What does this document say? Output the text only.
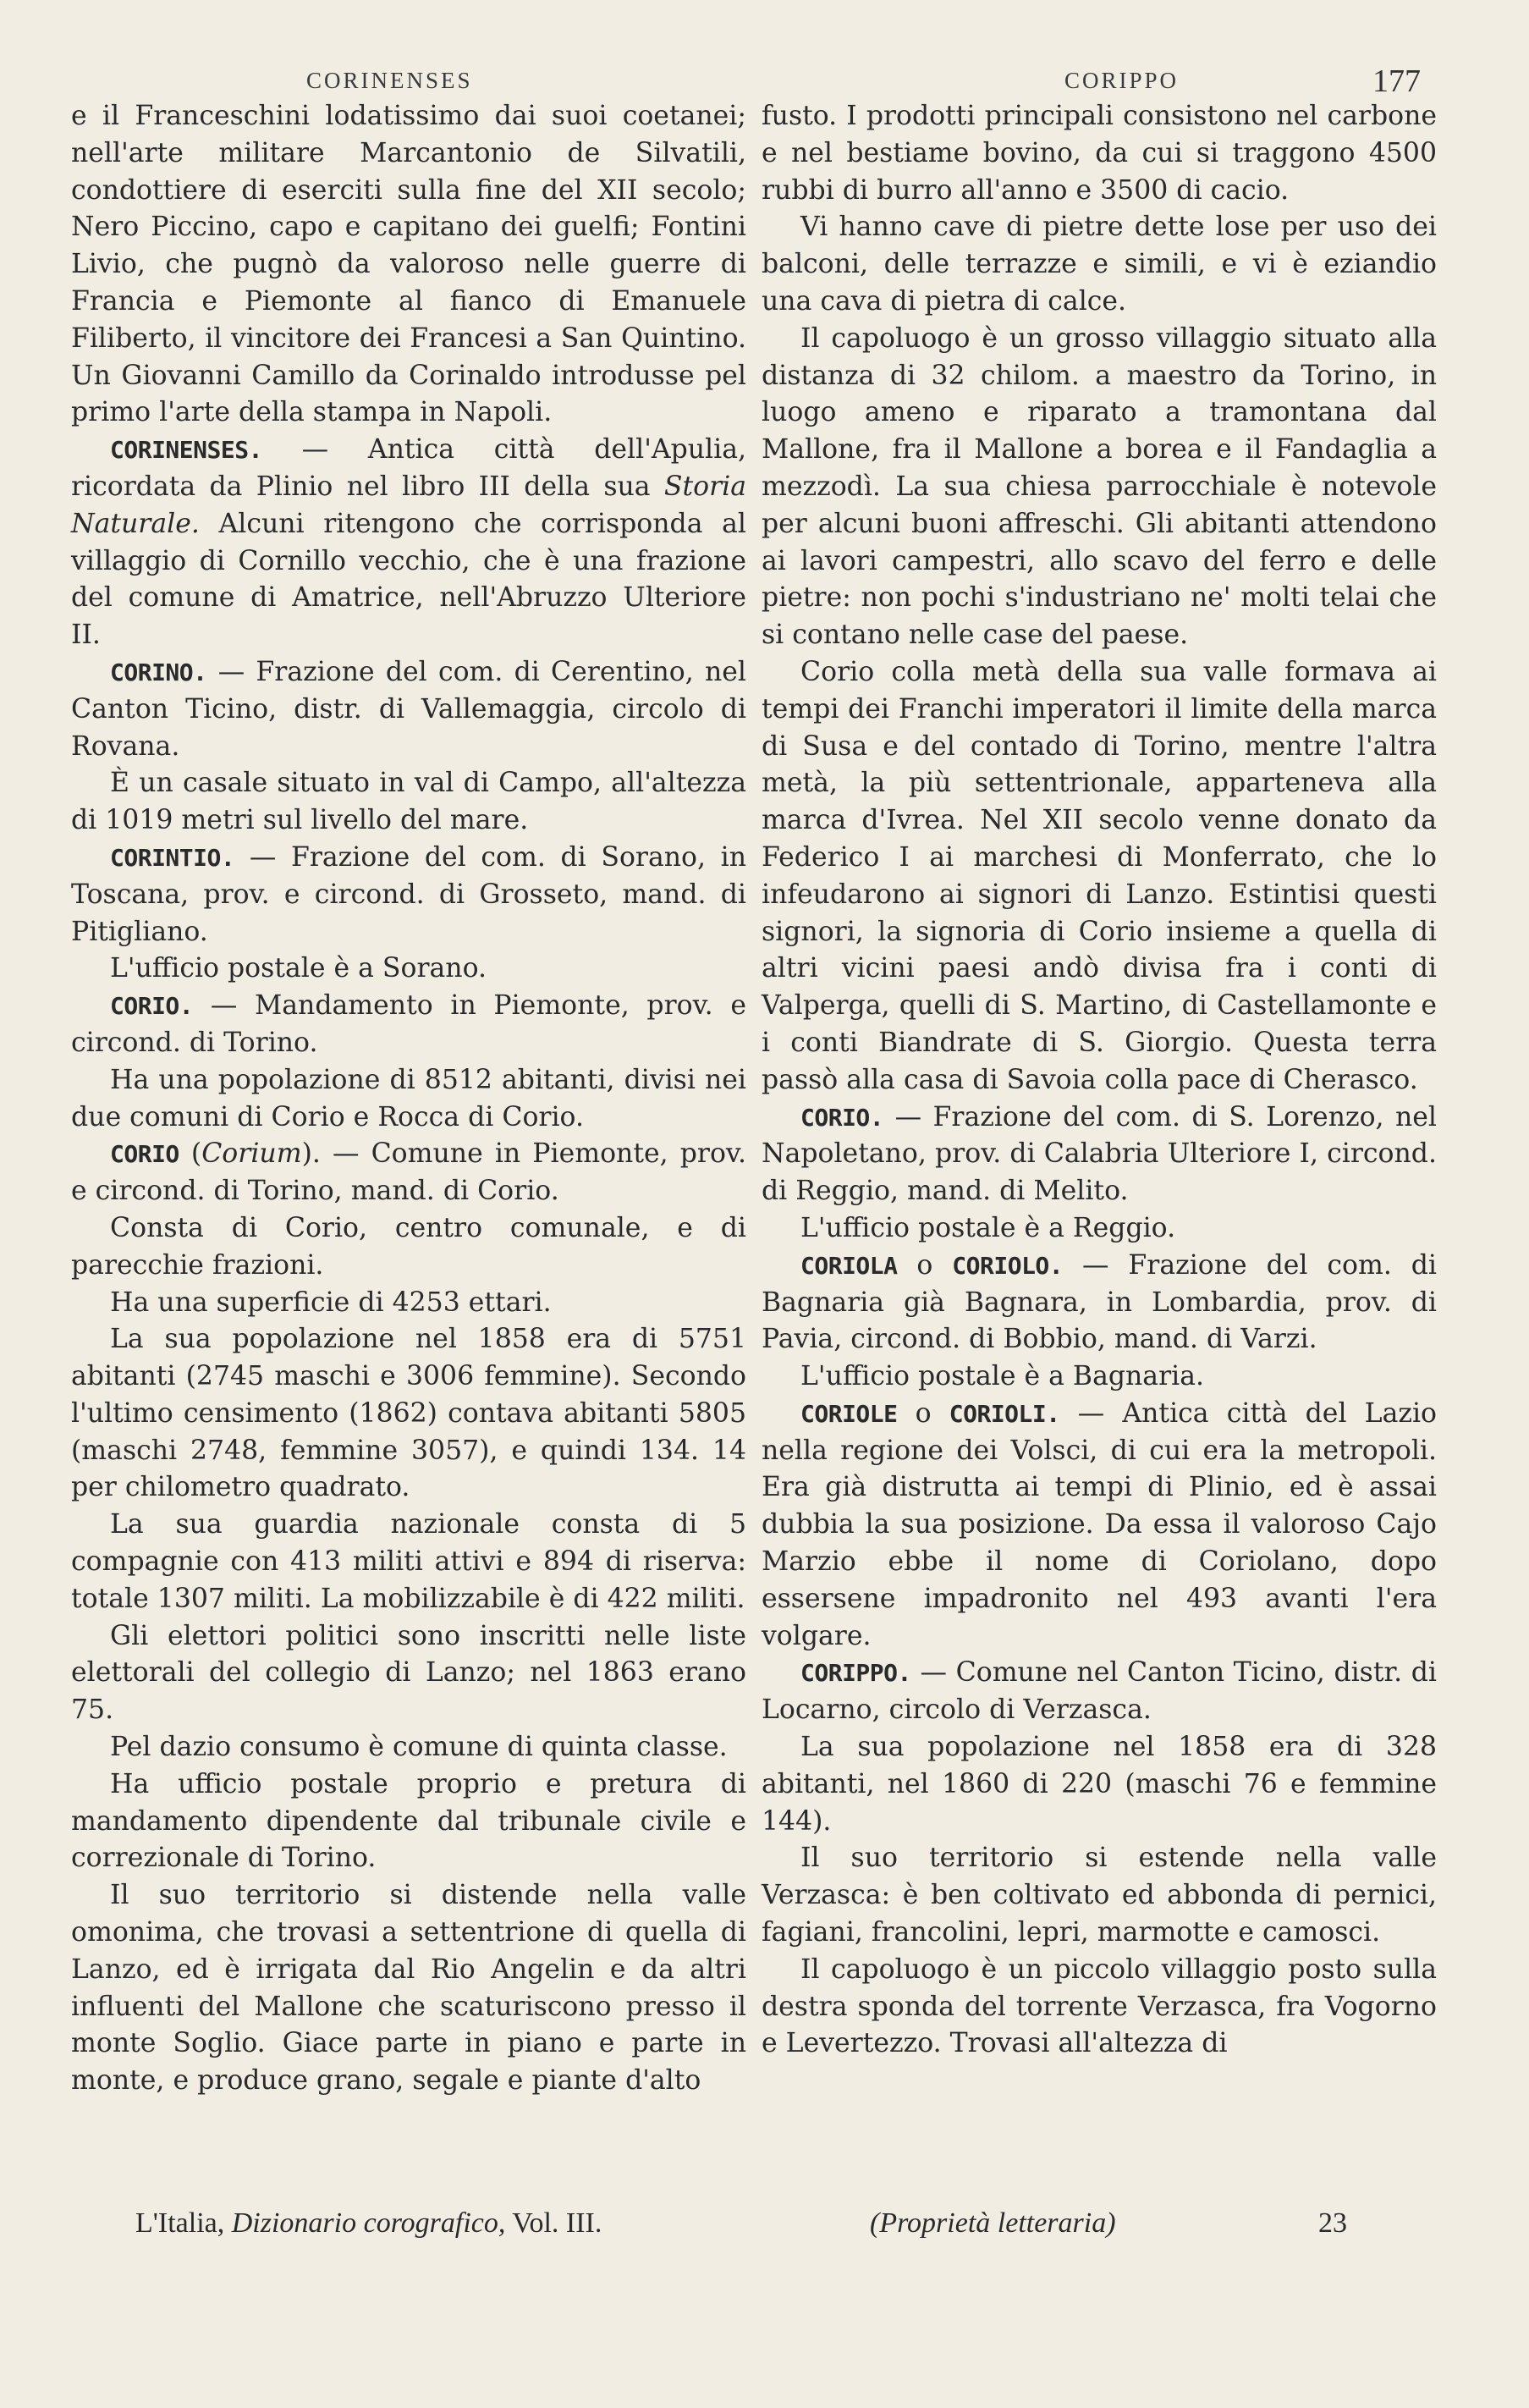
CORINENSES	CORIPPO	177

e il Franceschini lodatissimo dai suoi coetanei; nell'arte militare Marcantonio de Silvatili, condottiere di eserciti sulla fine del XII secolo; Nero Piccino, capo e capitano dei guelfi; Fontini Livio, che pugnò da valoroso nelle guerre di Francia e Piemonte al fianco di Emanuele Filiberto, il vincitore dei Francesi a San Quintino. Un Giovanni Camillo da Corinaldo introdusse pel primo l'arte della stampa in Napoli.

CORINENSES. — Antica città dell'Apulia, ricordata da Plinio nel libro III della sua Storia Naturale. Alcuni ritengono che corrisponda al villaggio di Cornillo vecchio, che è una frazione del comune di Amatrice, nell'Abruzzo Ulteriore II.

CORINO. — Frazione del com. di Cerentino, nel Canton Ticino, distr. di Vallemaggia, circolo di Rovana.

È un casale situato in val di Campo, all'altezza di 1019 metri sul livello del mare.

CORINTIO. — Frazione del com. di Sorano, in Toscana, prov. e circond. di Grosseto, mand. di Pitigliano.

L'ufficio postale è a Sorano.

CORIO. — Mandamento in Piemonte, prov. e circond. di Torino.

Ha una popolazione di 8512 abitanti, divisi nei due comuni di Corio e Rocca di Corio.

CORIO (Corium). — Comune in Piemonte, prov. e circond. di Torino, mand. di Corio.

Consta di Corio, centro comunale, e di parecchie frazioni.

Ha una superficie di 4253 ettari.

La sua popolazione nel 1858 era di 5751 abitanti (2745 maschi e 3006 femmine). Secondo l'ultimo censimento (1862) contava abitanti 5805 (maschi 2748, femmine 3057), e quindi 134. 14 per chilometro quadrato.

La sua guardia nazionale consta di 5 compagnie con 413 militi attivi e 894 di riserva: totale 1307 militi. La mobilizzabile è di 422 militi.

Gli elettori politici sono inscritti nelle liste elettorali del collegio di Lanzo; nel 1863 erano 75.

Pel dazio consumo è comune di quinta classe.

Ha ufficio postale proprio e pretura di mandamento dipendente dal tribunale civile e correzionale di Torino.

Il suo territorio si distende nella valle omonima, che trovasi a settentrione di quella di Lanzo, ed è irrigata dal Rio Angelin e da altri influenti del Mallone che scaturiscono presso il monte Soglio. Giace parte in piano e parte in monte, e produce grano, segale e piante d'alto

fusto. I prodotti principali consistono nel carbone e nel bestiame bovino, da cui si traggono 4500 rubbi di burro all'anno e 3500 di cacio.

Vi hanno cave di pietre dette lose per uso dei balconi, delle terrazze e simili, e vi è eziandio una cava di pietra di calce.

Il capoluogo è un grosso villaggio situato alla distanza di 32 chilom. a maestro da Torino, in luogo ameno e riparato a tramontana dal Mallone, fra il Mallone a borea e il Fandaglia a mezzodì. La sua chiesa parrocchiale è notevole per alcuni buoni affreschi. Gli abitanti attendono ai lavori campestri, allo scavo del ferro e delle pietre: non pochi s'industriano ne' molti telai che si contano nelle case del paese.

Corio colla metà della sua valle formava ai tempi dei Franchi imperatori il limite della marca di Susa e del contado di Torino, mentre l'altra metà, la più settentrionale, apparteneva alla marca d'Ivrea. Nel XII secolo venne donato da Federico I ai marchesi di Monferrato, che lo infeudarono ai signori di Lanzo. Estintisi questi signori, la signoria di Corio insieme a quella di altri vicini paesi andò divisa fra i conti di Valperga, quelli di S. Martino, di Castellamonte e i conti Biandrate di S. Giorgio. Questa terra passò alla casa di Savoia colla pace di Cherasco.

CORIO. — Frazione del com. di S. Lorenzo, nel Napoletano, prov. di Calabria Ulteriore I, circond. di Reggio, mand. di Melito.

L'ufficio postale è a Reggio.

CORIOLA o CORIOLO. — Frazione del com. di Bagnaria già Bagnara, in Lombardia, prov. di Pavia, circond. di Bobbio, mand. di Varzi.

L'ufficio postale è a Bagnaria.

CORIOLE o CORIOLI. — Antica città del Lazio nella regione dei Volsci, di cui era la metropoli. Era già distrutta ai tempi di Plinio, ed è assai dubbia la sua posizione. Da essa il valoroso Cajo Marzio ebbe il nome di Coriolano, dopo essersene impadronito nel 493 avanti l'era volgare.

CORIPPO. — Comune nel Canton Ticino, distr. di Locarno, circolo di Verzasca.

La sua popolazione nel 1858 era di 328 abitanti, nel 1860 di 220 (maschi 76 e femmine 144).

Il suo territorio si estende nella valle Verzasca: è ben coltivato ed abbonda di pernici, fagiani, francolini, lepri, marmotte e camosci.

Il capoluogo è un piccolo villaggio posto sulla destra sponda del torrente Verzasca, fra Vogorno e Levertezzo. Trovasi all'altezza di

L'Italia, Dizionario corografico, Vol. III.	(Proprietà letteraria)	23
